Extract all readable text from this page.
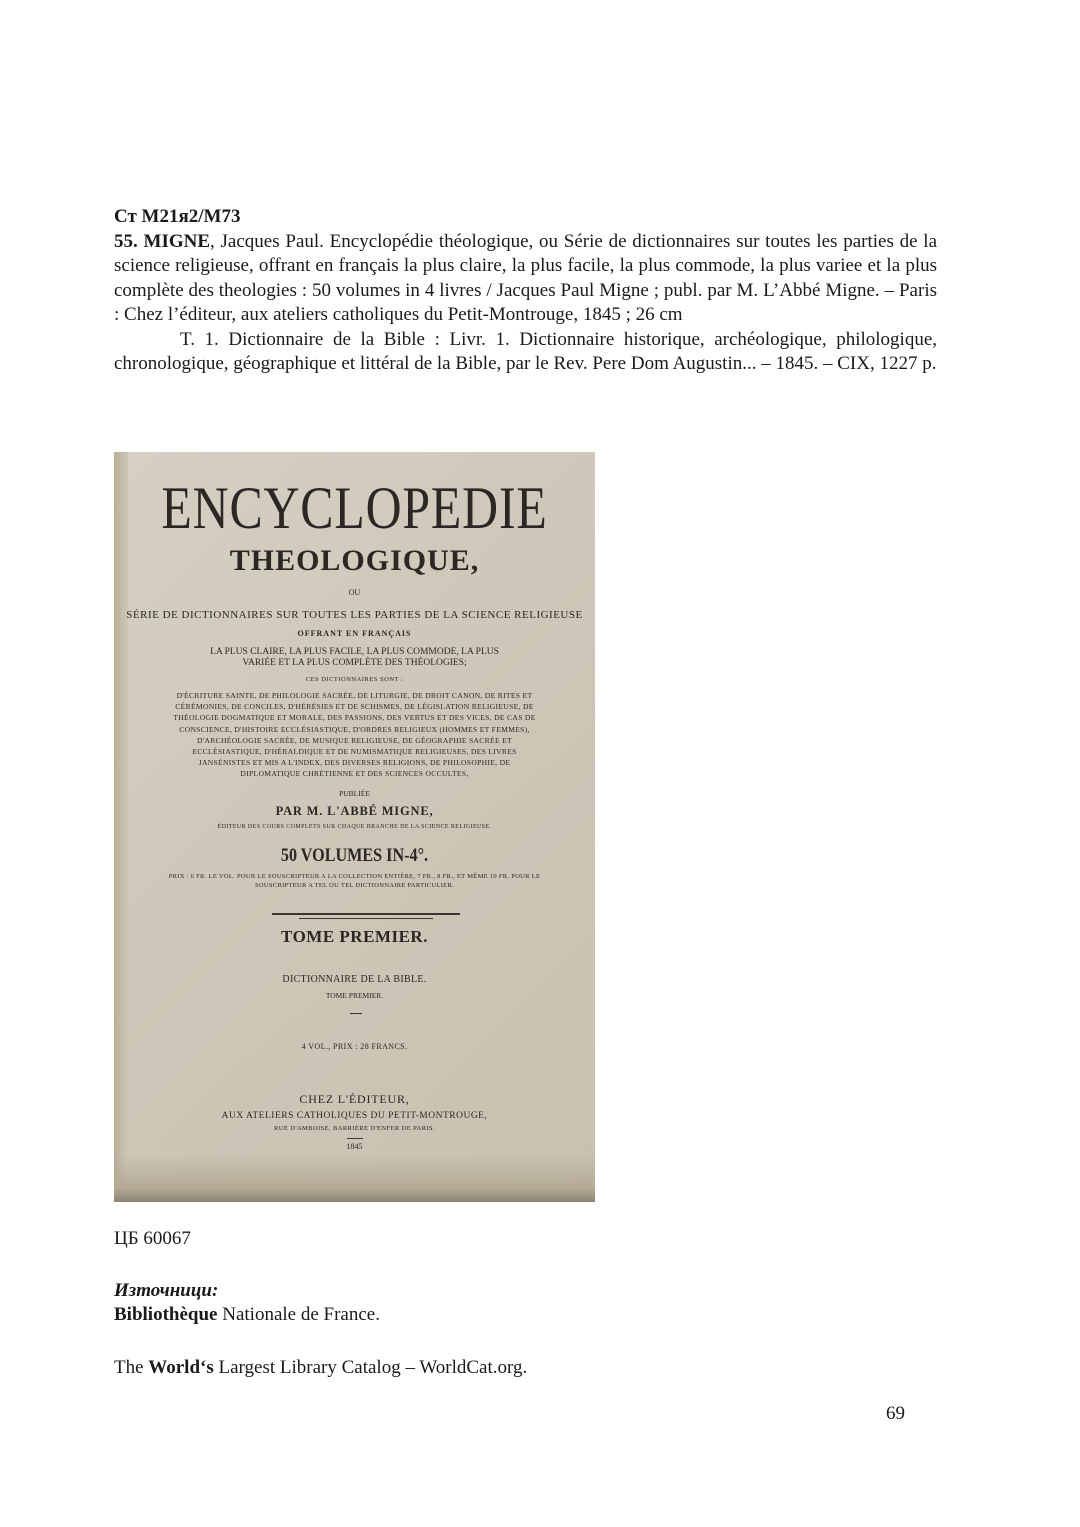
Ст М21я2/М73
55. MIGNE, Jacques Paul. Encyclopédie théologique, ou Série de dictionnaires sur toutes les parties de la science religieuse, offrant en français la plus claire, la plus facile, la plus commode, la plus variee et la plus complète des theologies : 50 volumes in 4 livres / Jacques Paul Migne ; publ. par M. L’Abbé Migne. – Paris : Chez l’éditeur, aux ateliers catholiques du Petit-Montrouge, 1845 ; 26 cm
T. 1. Dictionnaire de la Bible : Livr. 1. Dictionnaire historique, archéologique, philologique, chronologique, géographique et littéral de la Bible, par le Rev. Pere Dom Augustin... – 1845. – CIX, 1227 p.
ENCYCLOPEDIE
THEOLOGIQUE,
OU
SÉRIE DE DICTIONNAIRES SUR TOUTES LES PARTIES DE LA SCIENCE RELIGIEUSE
OFFRANT EN FRANÇAIS
LA PLUS CLAIRE, LA PLUS FACILE, LA PLUS COMMODE, LA PLUS VARIÉE ET LA PLUS COMPLÈTE DES THÉOLOGIES;
CES DICTIONNAIRES SONT :
D'ÉCRITURE SAINTE, DE PHILOLOGIE SACRÉE, DE LITURGIE, DE DROIT CANON, DE RITES ET CÉRÉMONIES, DE CONCILES, D'HÉRÉSIES ET DE SCHISMES, DE LÉGISLATION RELIGIEUSE, DE THÉOLOGIE DOGMATIQUE ET MORALE, DES PASSIONS, DES VERTUS ET DES VICES, DE CAS DE CONSCIENCE, D'HISTOIRE ECCLÉSIASTIQUE, D'ORDRES RELIGIEUX (HOMMES ET FEMMES), D'ARCHÉOLOGIE SACRÉE, DE MUSIQUE RELIGIEUSE, DE GÉOGRAPHIE SACRÉE ET ECCLÉSIASTIQUE, D'HÉRALDIQUE ET DE NUMISMATIQUE RELIGIEUSES, DES LIVRES JANSÉNISTES ET MIS A L'INDEX, DES DIVERSES RELIGIONS, DE PHILOSOPHIE, DE DIPLOMATIQUE CHRÉTIENNE ET DES SCIENCES OCCULTES,
PUBLIÉE
PAR M. L'ABBÉ MIGNE,
ÉDITEUR DES COURS COMPLETS SUR CHAQUE BRANCHE DE LA SCIENCE RELIGIEUSE.
50 VOLUMES IN-4°.
PRIX : 6 FR. LE VOL. POUR LE SOUSCRIPTEUR A LA COLLECTION ENTIÈRE, 7 FR., 8 FR., ET MÊME 10 FR. POUR LE SOUSCRIPTEUR A TEL OU TEL DICTIONNAIRE PARTICULIER.
TOME PREMIER.
DICTIONNAIRE DE LA BIBLE.
TOME PREMIER.
4 VOL., PRIX : 28 FRANCS.
CHEZ L'ÉDITEUR,
AUX ATELIERS CATHOLIQUES DU PETIT-MONTROUGE,
RUE D'AMBOISE, BARRIÈRE D'ENFER DE PARIS.
1845
ЦБ 60067
Източници:
Bibliothèque Nationale de France.
The World‘s Largest Library Catalog – WorldCat.org.
69
